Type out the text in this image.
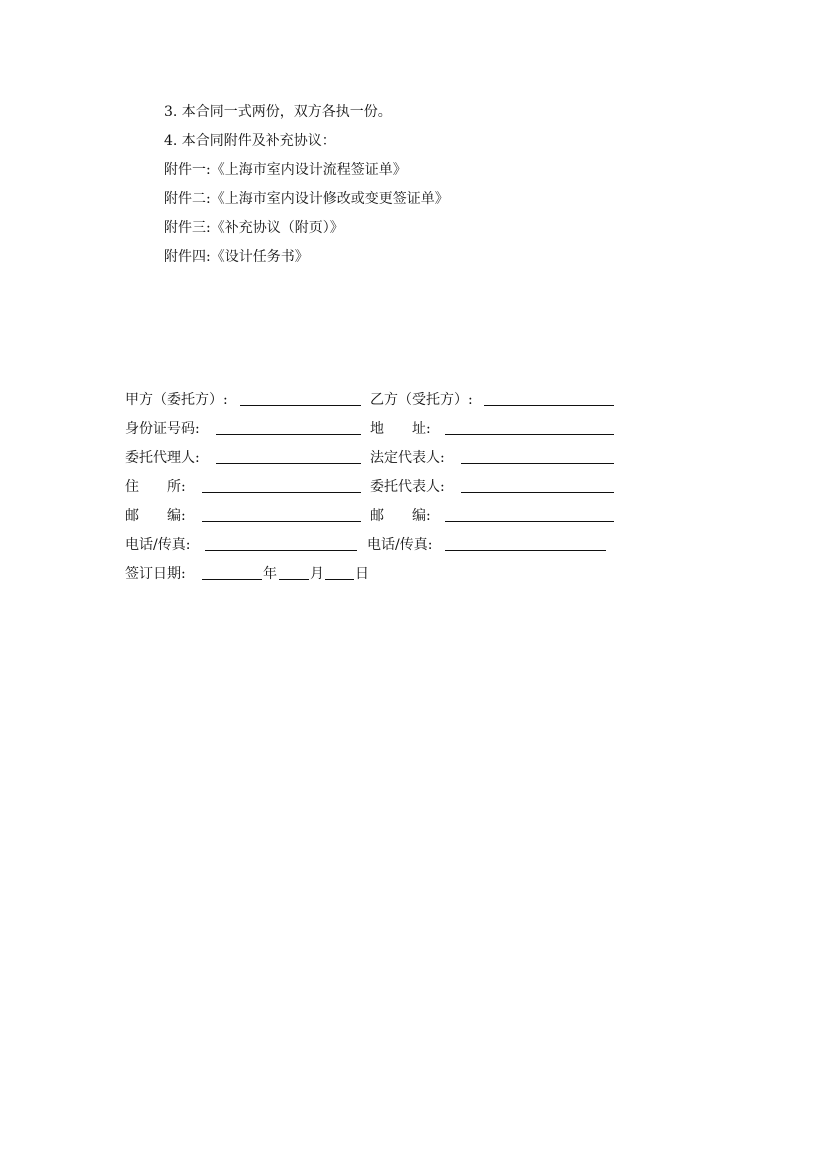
3. 本合同一式两份，双方各执一份。
4. 本合同附件及补充协议：
附件一:《上海市室内设计流程签证单》
附件二:《上海市室内设计修改或变更签证单》
附件三:《补充协议（附页）》
附件四:《设计任务书》
甲方（委托方）:	乙方（受托方）:
身份证号码:	地　　址:
委托代理人:	法定代表人:
住　　所:	委托代表人:
邮　　编:	邮　　编:
电话/传真:	电话/传真:
签订日期:	年 月 日
